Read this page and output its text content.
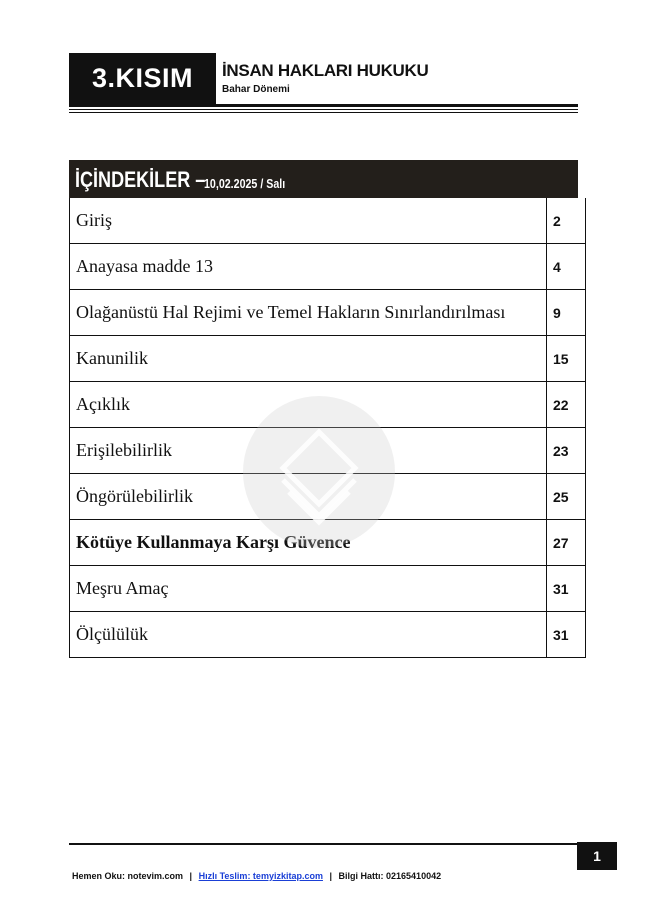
3.KISIM	İNSAN HAKLARI HUKUKU
Bahar Dönemi
İÇİNDEKİLER –
10,02.2025 / Salı
Giriş	2
Anayasa madde 13	4
Olağanüstü Hal Rejimi ve Temel Hakların Sınırlandırılması	9
Kanunilik	15
Açıklık	22
Erişilebilirlik	23
Öngörülebilirlik	25
Kötüye Kullanmaya Karşı Güvence	27
Meşru Amaç	31
Ölçülülük	31
1
Hemen Oku: notevim.com | Hızlı Teslim: temyizkitap.com | Bilgi Hattı: 02165410042
